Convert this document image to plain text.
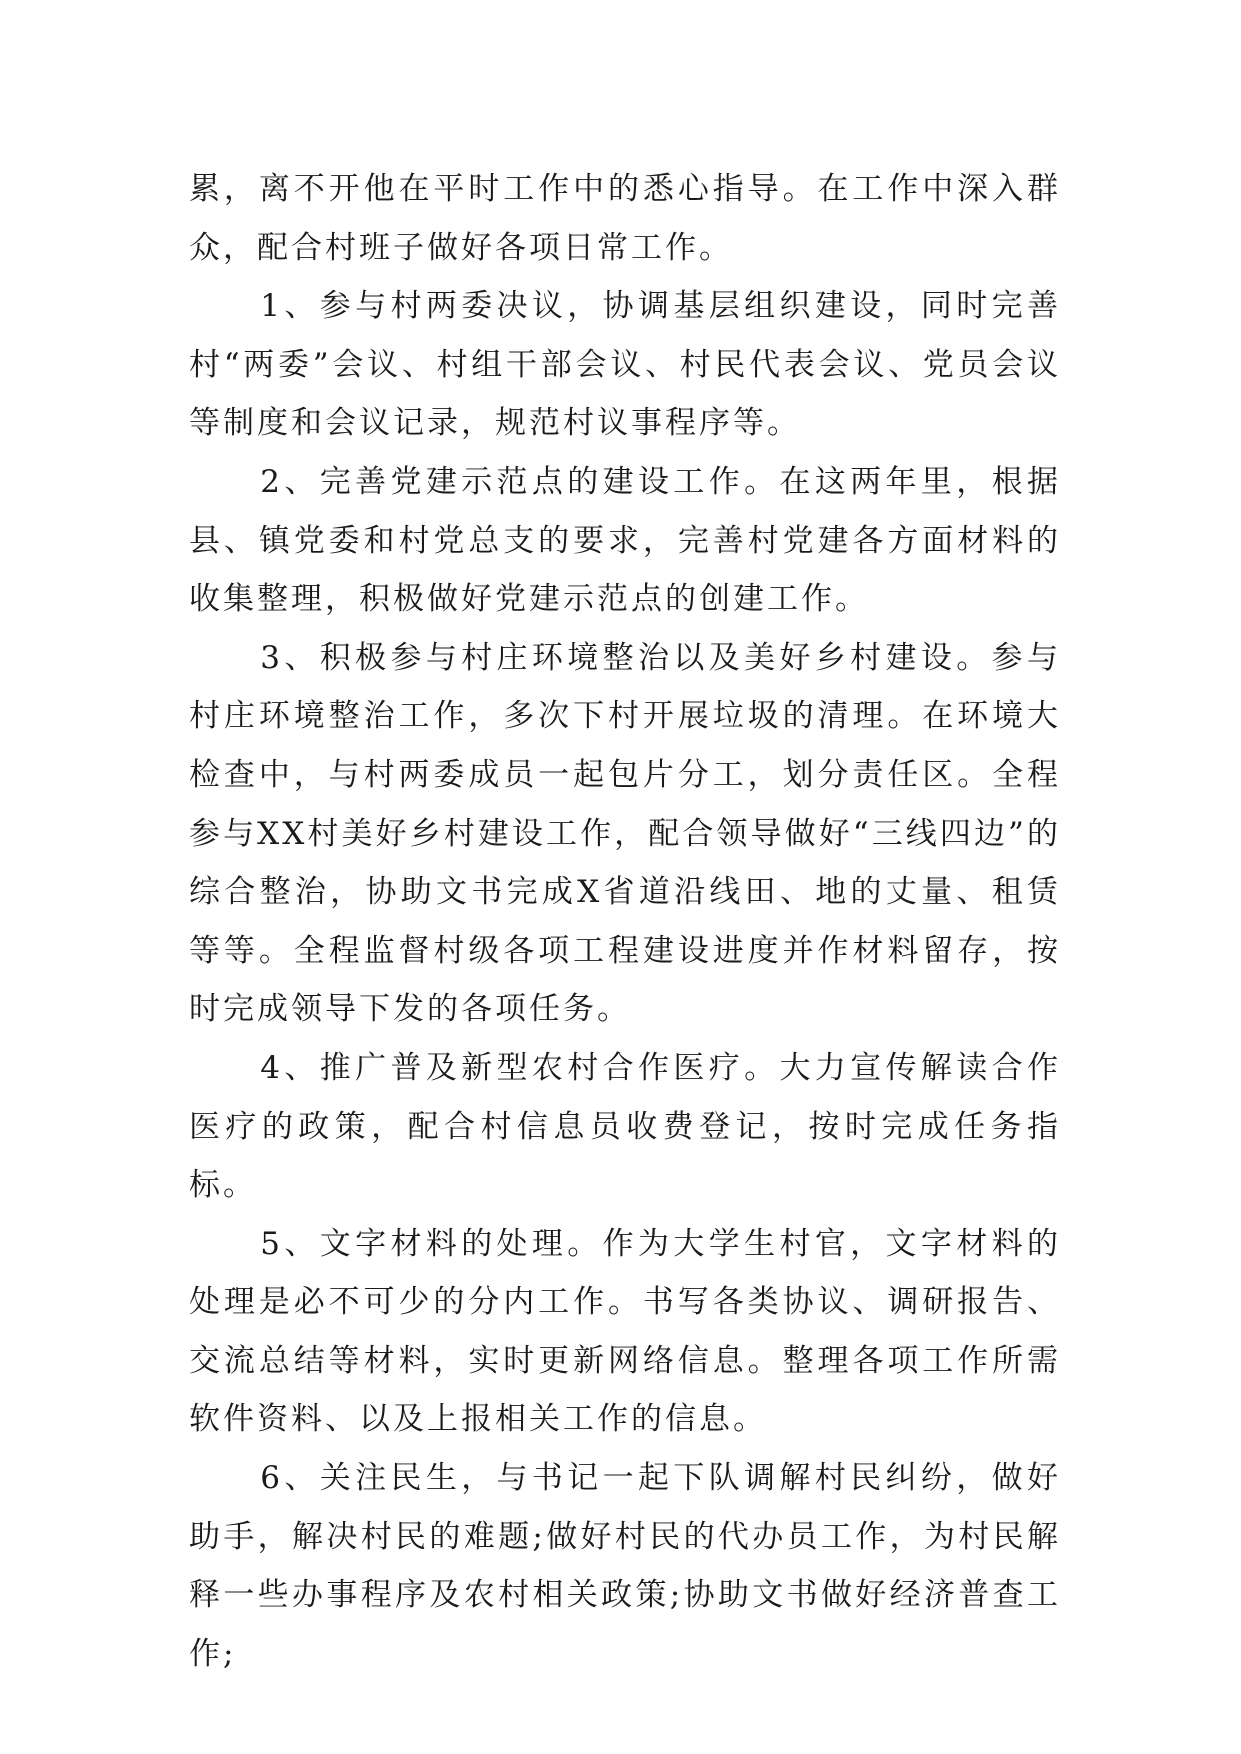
累，离不开他在平时工作中的悉心指导。在工作中深入群众，配合村班子做好各项日常工作。

1、参与村两委决议，协调基层组织建设，同时完善村“两委”会议、村组干部会议、村民代表会议、党员会议等制度和会议记录，规范村议事程序等。

2、完善党建示范点的建设工作。在这两年里，根据县、镇党委和村党总支的要求，完善村党建各方面材料的收集整理，积极做好党建示范点的创建工作。

3、积极参与村庄环境整治以及美好乡村建设。参与村庄环境整治工作，多次下村开展垃圾的清理。在环境大检查中，与村两委成员一起包片分工，划分责任区。全程参与XX村美好乡村建设工作，配合领导做好“三线四边”的综合整治，协助文书完成X省道沿线田、地的丈量、租赁等等。全程监督村级各项工程建设进度并作材料留存，按时完成领导下发的各项任务。

4、推广普及新型农村合作医疗。大力宣传解读合作医疗的政策，配合村信息员收费登记，按时完成任务指标。

5、文字材料的处理。作为大学生村官，文字材料的处理是必不可少的分内工作。书写各类协议、调研报告、交流总结等材料，实时更新网络信息。整理各项工作所需软件资料、以及上报相关工作的信息。

6、关注民生，与书记一起下队调解村民纠纷，做好助手，解决村民的难题;做好村民的代办员工作，为村民解释一些办事程序及农村相关政策;协助文书做好经济普查工作;
